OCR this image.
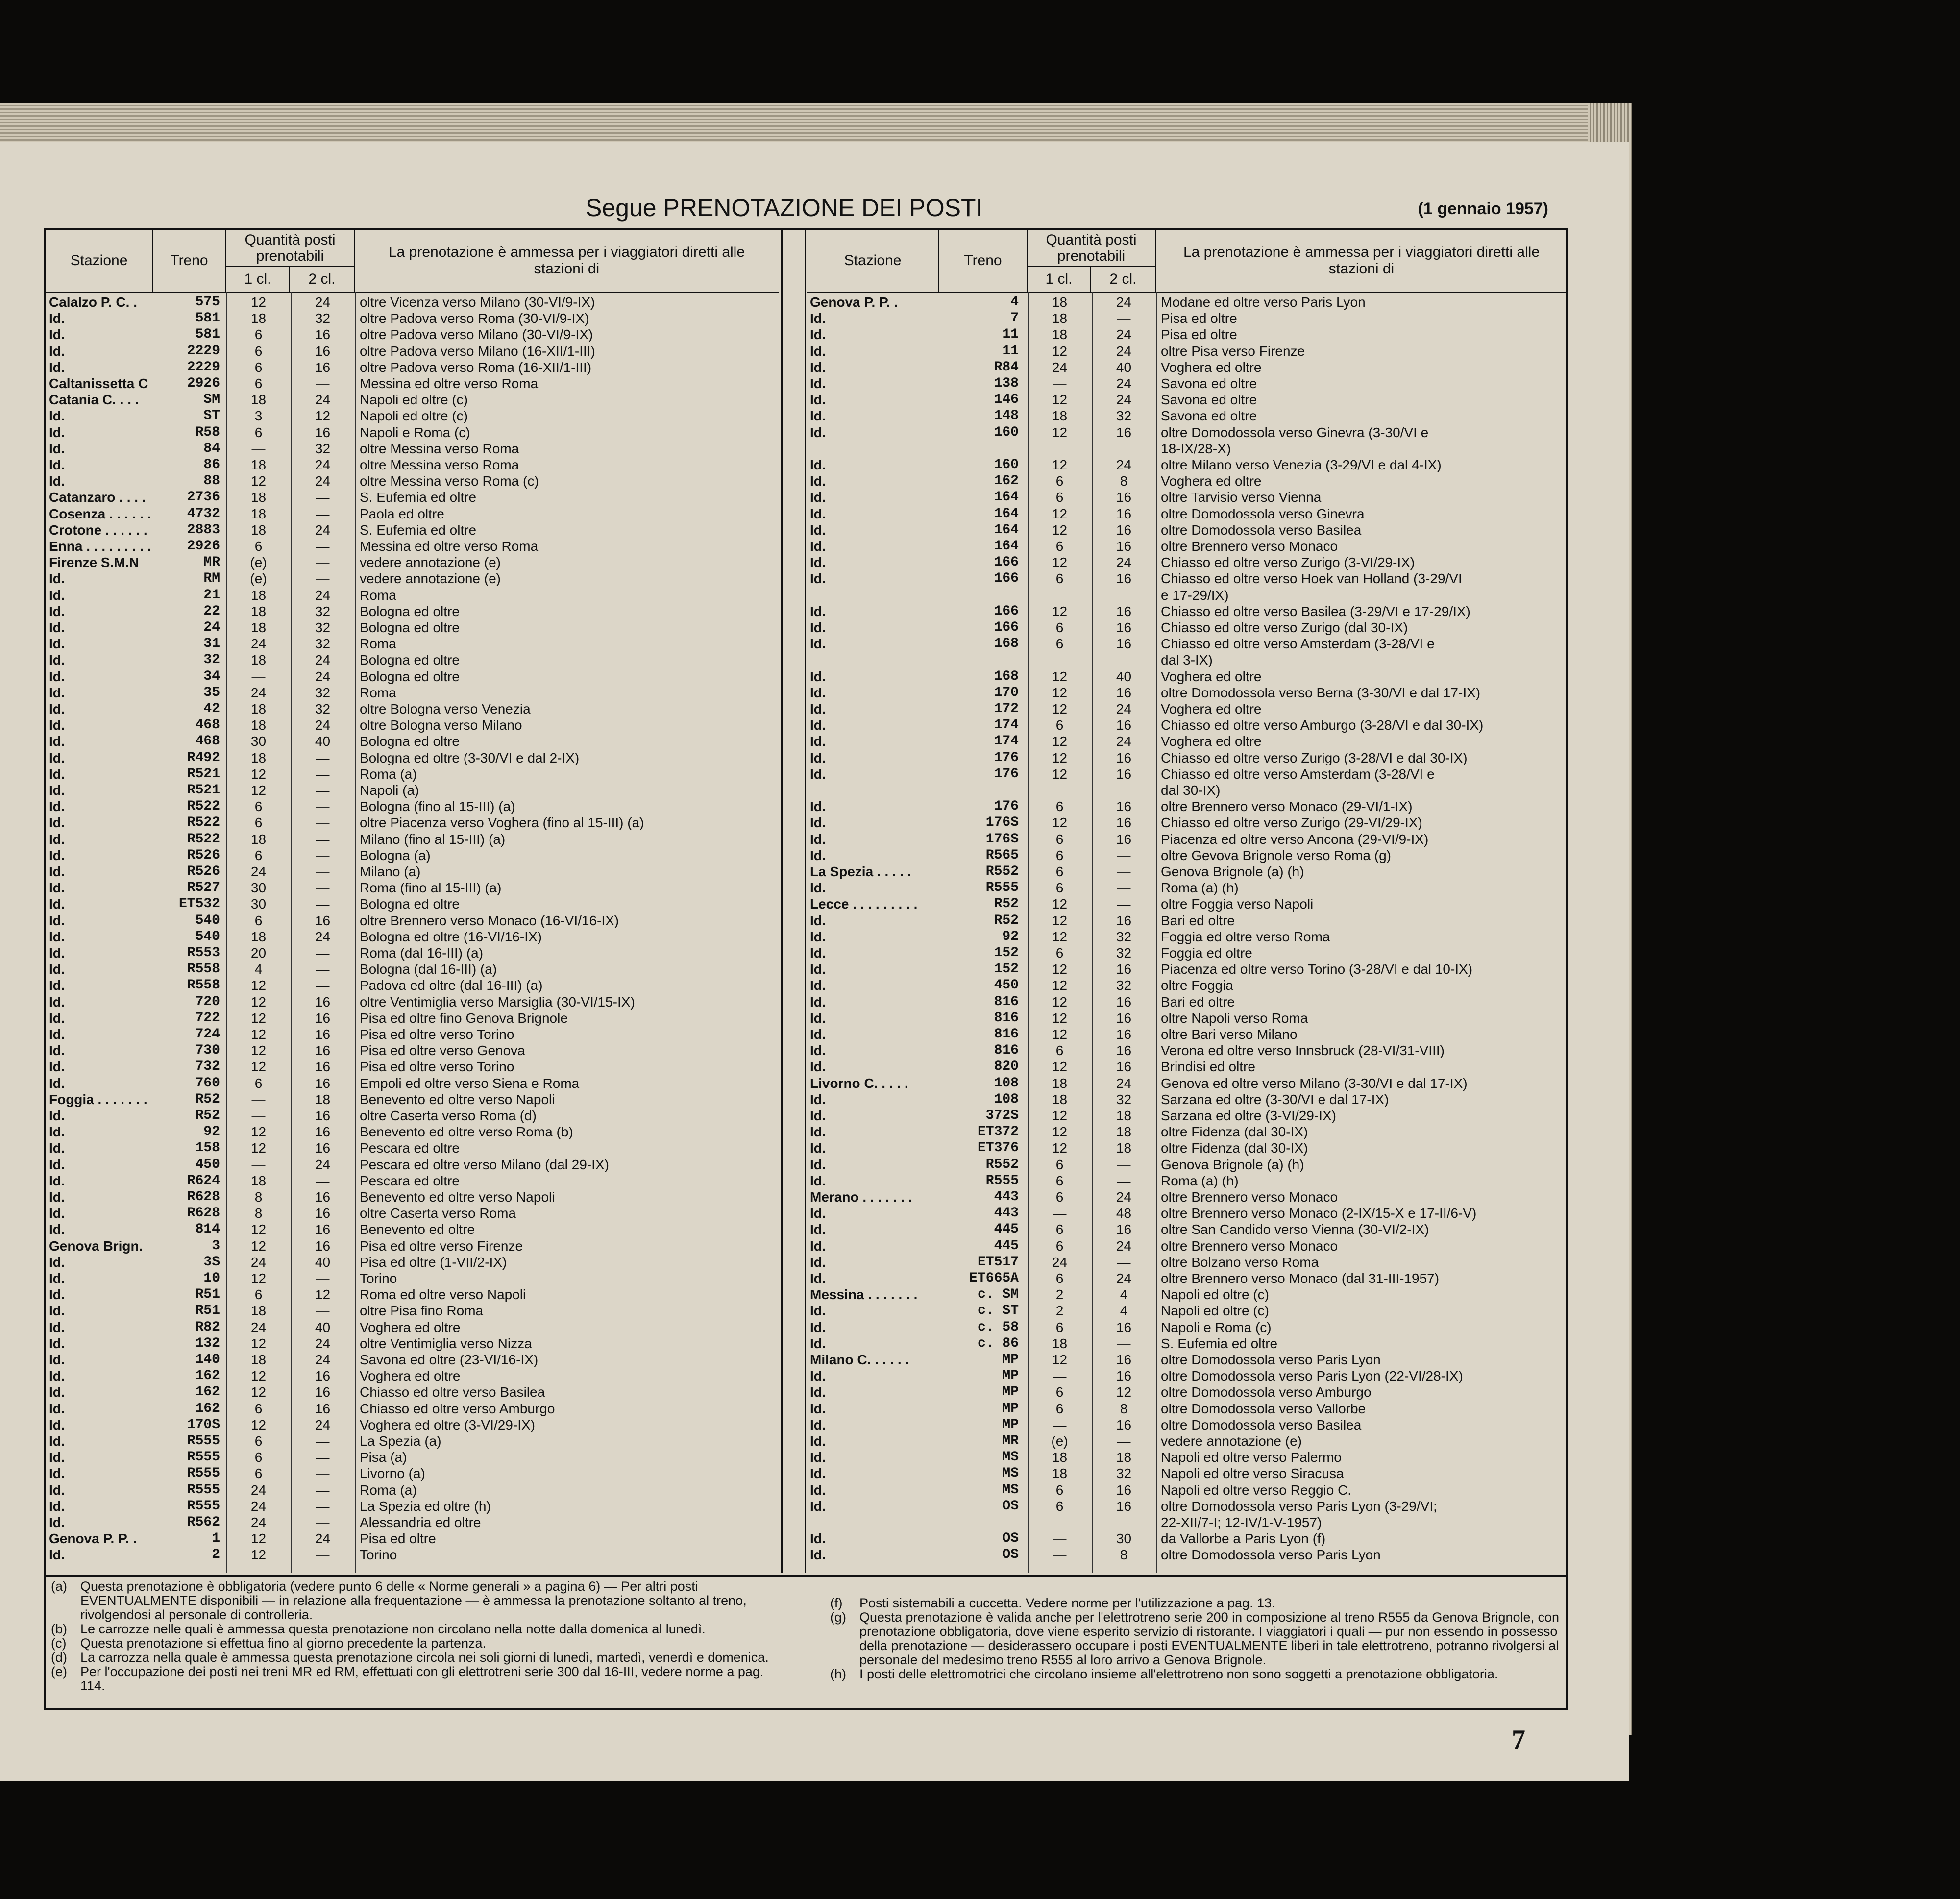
Segue PRENOTAZIONE DEI POSTI	(1 gennaio 1957)
Stazione	Treno
Quantità posti prenotabili
1 cl.	2 cl.
La prenotazione è ammessa per i viaggiatori diretti alle stazioni di
Calalzo P. C. .	575	12	24	oltre Vicenza verso Milano (30-VI/9-IX)
Id.	581	18	32	oltre Padova verso Roma (30-VI/9-IX)
Id.	581	6	16	oltre Padova verso Milano (30-VI/9-IX)
Id.	2229	6	16	oltre Padova verso Milano (16-XII/1-III)
Id.	2229	6	16	oltre Padova verso Roma (16-XII/1-III)
Caltanissetta C	2926	6	—	Messina ed oltre verso Roma
Catania C. . . .	SM	18	24	Napoli ed oltre (c)
Id.	ST	3	12	Napoli ed oltre (c)
Id.	R58	6	16	Napoli e Roma (c)
Id.	84	—	32	oltre Messina verso Roma
Id.	86	18	24	oltre Messina verso Roma
Id.	88	12	24	oltre Messina verso Roma (c)
Catanzaro . . . .	2736	18	—	S. Eufemia ed oltre
Cosenza . . . . . .	4732	18	—	Paola ed oltre
Crotone . . . . . .	2883	18	24	S. Eufemia ed oltre
Enna . . . . . . . . .	2926	6	—	Messina ed oltre verso Roma
Firenze S.M.N	MR	(e)	—	vedere annotazione (e)
Id.	RM	(e)	—	vedere annotazione (e)
Id.	21	18	24	Roma
Id.	22	18	32	Bologna ed oltre
Id.	24	18	32	Bologna ed oltre
Id.	31	24	32	Roma
Id.	32	18	24	Bologna ed oltre
Id.	34	—	24	Bologna ed oltre
Id.	35	24	32	Roma
Id.	42	18	32	oltre Bologna verso Venezia
Id.	468	18	24	oltre Bologna verso Milano
Id.	468	30	40	Bologna ed oltre
Id.	R492	18	—	Bologna ed oltre (3-30/VI e dal 2-IX)
Id.	R521	12	—	Roma (a)
Id.	R521	12	—	Napoli (a)
Id.	R522	6	—	Bologna (fino al 15-III) (a)
Id.	R522	6	—	oltre Piacenza verso Voghera (fino al 15-III) (a)
Id.	R522	18	—	Milano (fino al 15-III) (a)
Id.	R526	6	—	Bologna (a)
Id.	R526	24	—	Milano (a)
Id.	R527	30	—	Roma (fino al 15-III) (a)
Id.	ET532	30	—	Bologna ed oltre
Id.	540	6	16	oltre Brennero verso Monaco (16-VI/16-IX)
Id.	540	18	24	Bologna ed oltre (16-VI/16-IX)
Id.	R553	20	—	Roma (dal 16-III) (a)
Id.	R558	4	—	Bologna (dal 16-III) (a)
Id.	R558	12	—	Padova ed oltre (dal 16-III) (a)
Id.	720	12	16	oltre Ventimiglia verso Marsiglia (30-VI/15-IX)
Id.	722	12	16	Pisa ed oltre fino Genova Brignole
Id.	724	12	16	Pisa ed oltre verso Torino
Id.	730	12	16	Pisa ed oltre verso Genova
Id.	732	12	16	Pisa ed oltre verso Torino
Id.	760	6	16	Empoli ed oltre verso Siena e Roma
Foggia . . . . . . .	R52	—	18	Benevento ed oltre verso Napoli
Id.	R52	—	16	oltre Caserta verso Roma (d)
Id.	92	12	16	Benevento ed oltre verso Roma (b)
Id.	158	12	16	Pescara ed oltre
Id.	450	—	24	Pescara ed oltre verso Milano (dal 29-IX)
Id.	R624	18	—	Pescara ed oltre
Id.	R628	8	16	Benevento ed oltre verso Napoli
Id.	R628	8	16	oltre Caserta verso Roma
Id.	814	12	16	Benevento ed oltre
Genova Brign.	3	12	16	Pisa ed oltre verso Firenze
Id.	3S	24	40	Pisa ed oltre (1-VII/2-IX)
Id.	10	12	—	Torino
Id.	R51	6	12	Roma ed oltre verso Napoli
Id.	R51	18	—	oltre Pisa fino Roma
Id.	R82	24	40	Voghera ed oltre
Id.	132	12	24	oltre Ventimiglia verso Nizza
Id.	140	18	24	Savona ed oltre (23-VI/16-IX)
Id.	162	12	16	Voghera ed oltre
Id.	162	12	16	Chiasso ed oltre verso Basilea
Id.	162	6	16	Chiasso ed oltre verso Amburgo
Id.	170S	12	24	Voghera ed oltre (3-VI/29-IX)
Id.	R555	6	—	La Spezia (a)
Id.	R555	6	—	Pisa (a)
Id.	R555	6	—	Livorno (a)
Id.	R555	24	—	Roma (a)
Id.	R555	24	—	La Spezia ed oltre (h)
Id.	R562	24	—	Alessandria ed oltre
Genova P. P. .	1	12	24	Pisa ed oltre
Id.	2	12	—	Torino
Stazione	Treno
Quantità posti prenotabili
1 cl.	2 cl.
La prenotazione è ammessa per i viaggiatori diretti alle stazioni di
Genova P. P. .	4	18	24	Modane ed oltre verso Paris Lyon
Id.	7	18	—	Pisa ed oltre
Id.	11	18	24	Pisa ed oltre
Id.	11	12	24	oltre Pisa verso Firenze
Id.	R84	24	40	Voghera ed oltre
Id.	138	—	24	Savona ed oltre
Id.	146	12	24	Savona ed oltre
Id.	148	18	32	Savona ed oltre
Id.	160	12	16	oltre Domodossola verso Ginevra (3-30/VI e
18-IX/28-X)
Id.	160	12	24	oltre Milano verso Venezia (3-29/VI e dal 4-IX)
Id.	162	6	8	Voghera ed oltre
Id.	164	6	16	oltre Tarvisio verso Vienna
Id.	164	12	16	oltre Domodossola verso Ginevra
Id.	164	12	16	oltre Domodossola verso Basilea
Id.	164	6	16	oltre Brennero verso Monaco
Id.	166	12	24	Chiasso ed oltre verso Zurigo (3-VI/29-IX)
Id.	166	6	16	Chiasso ed oltre verso Hoek van Holland (3-29/VI
e 17-29/IX)
Id.	166	12	16	Chiasso ed oltre verso Basilea (3-29/VI e 17-29/IX)
Id.	166	6	16	Chiasso ed oltre verso Zurigo (dal 30-IX)
Id.	168	6	16	Chiasso ed oltre verso Amsterdam (3-28/VI e
dal 3-IX)
Id.	168	12	40	Voghera ed oltre
Id.	170	12	16	oltre Domodossola verso Berna (3-30/VI e dal 17-IX)
Id.	172	12	24	Voghera ed oltre
Id.	174	6	16	Chiasso ed oltre verso Amburgo (3-28/VI e dal 30-IX)
Id.	174	12	24	Voghera ed oltre
Id.	176	12	16	Chiasso ed oltre verso Zurigo (3-28/VI e dal 30-IX)
Id.	176	12	16	Chiasso ed oltre verso Amsterdam (3-28/VI e
dal 30-IX)
Id.	176	6	16	oltre Brennero verso Monaco (29-VI/1-IX)
Id.	176S	12	16	Chiasso ed oltre verso Zurigo (29-VI/29-IX)
Id.	176S	6	16	Piacenza ed oltre verso Ancona (29-VI/9-IX)
Id.	R565	6	—	oltre Gevova Brignole verso Roma (g)
La Spezia . . . . .	R552	6	—	Genova Brignole (a) (h)
Id.	R555	6	—	Roma (a) (h)
Lecce . . . . . . . . .	R52	12	—	oltre Foggia verso Napoli
Id.	R52	12	16	Bari ed oltre
Id.	92	12	32	Foggia ed oltre verso Roma
Id.	152	6	32	Foggia ed oltre
Id.	152	12	16	Piacenza ed oltre verso Torino (3-28/VI e dal 10-IX)
Id.	450	12	32	oltre Foggia
Id.	816	12	16	Bari ed oltre
Id.	816	12	16	oltre Napoli verso Roma
Id.	816	12	16	oltre Bari verso Milano
Id.	816	6	16	Verona ed oltre verso Innsbruck (28-VI/31-VIII)
Id.	820	12	16	Brindisi ed oltre
Livorno C. . . . .	108	18	24	Genova ed oltre verso Milano (3-30/VI e dal 17-IX)
Id.	108	18	32	Sarzana ed oltre (3-30/VI e dal 17-IX)
Id.	372S	12	18	Sarzana ed oltre (3-VI/29-IX)
Id.	ET372	12	18	oltre Fidenza (dal 30-IX)
Id.	ET376	12	18	oltre Fidenza (dal 30-IX)
Id.	R552	6	—	Genova Brignole (a) (h)
Id.	R555	6	—	Roma (a) (h)
Merano . . . . . . .	443	6	24	oltre Brennero verso Monaco
Id.	443	—	48	oltre Brennero verso Monaco (2-IX/15-X e 17-II/6-V)
Id.	445	6	16	oltre San Candido verso Vienna (30-VI/2-IX)
Id.	445	6	24	oltre Brennero verso Monaco
Id.	ET517	24	—	oltre Bolzano verso Roma
Id.	ET665A	6	24	oltre Brennero verso Monaco (dal 31-III-1957)
Messina . . . . . . .	c. SM	2	4	Napoli ed oltre (c)
Id.	c. ST	2	4	Napoli ed oltre (c)
Id.	c. 58	6	16	Napoli e Roma (c)
Id.	c. 86	18	—	S. Eufemia ed oltre
Milano C. . . . . .	MP	12	16	oltre Domodossola verso Paris Lyon
Id.	MP	—	16	oltre Domodossola verso Paris Lyon (22-VI/28-IX)
Id.	MP	6	12	oltre Domodossola verso Amburgo
Id.	MP	6	8	oltre Domodossola verso Vallorbe
Id.	MP	—	16	oltre Domodossola verso Basilea
Id.	MR	(e)	—	vedere annotazione (e)
Id.	MS	18	18	Napoli ed oltre verso Palermo
Id.	MS	18	32	Napoli ed oltre verso Siracusa
Id.	MS	6	16	Napoli ed oltre verso Reggio C.
Id.	OS	6	16	oltre Domodossola verso Paris Lyon (3-29/VI;
22-XII/7-I; 12-IV/1-V-1957)
Id.	OS	—	30	da Vallorbe a Paris Lyon (f)
Id.	OS	—	8	oltre Domodossola verso Paris Lyon
(a)	Questa prenotazione è obbligatoria (vedere punto 6 delle « Norme generali » a pagina 6) — Per altri posti EVENTUALMENTE disponibili — in relazione alla frequentazione — è ammessa la prenotazione soltanto al treno, rivolgendosi al personale di controlleria.
(b)	Le carrozze nelle quali è ammessa questa prenotazione non circolano nella notte dalla domenica al lunedì.
(c)	Questa prenotazione si effettua fino al giorno precedente la partenza.
(d)	La carrozza nella quale è ammessa questa prenotazione circola nei soli giorni di lunedì, martedì, venerdì e domenica.
(e)	Per l'occupazione dei posti nei treni MR ed RM, effettuati con gli elettrotreni serie 300 dal 16-III, vedere norme a pag. 114.
(f)	Posti sistemabili a cuccetta. Vedere norme per l'utilizzazione a pag. 13.
(g)	Questa prenotazione è valida anche per l'elettrotreno serie 200 in composizione al treno R555 da Genova Brignole, con prenotazione obbligatoria, dove viene esperito servizio di ristorante. I viaggiatori i quali — pur non essendo in possesso della prenotazione — desiderassero occupare i posti EVENTUALMENTE liberi in tale elettrotreno, potranno rivolgersi al personale del medesimo treno R555 al loro arrivo a Genova Brignole.
(h)	I posti delle elettromotrici che circolano insieme all'elettrotreno non sono soggetti a prenotazione obbligatoria.
7
